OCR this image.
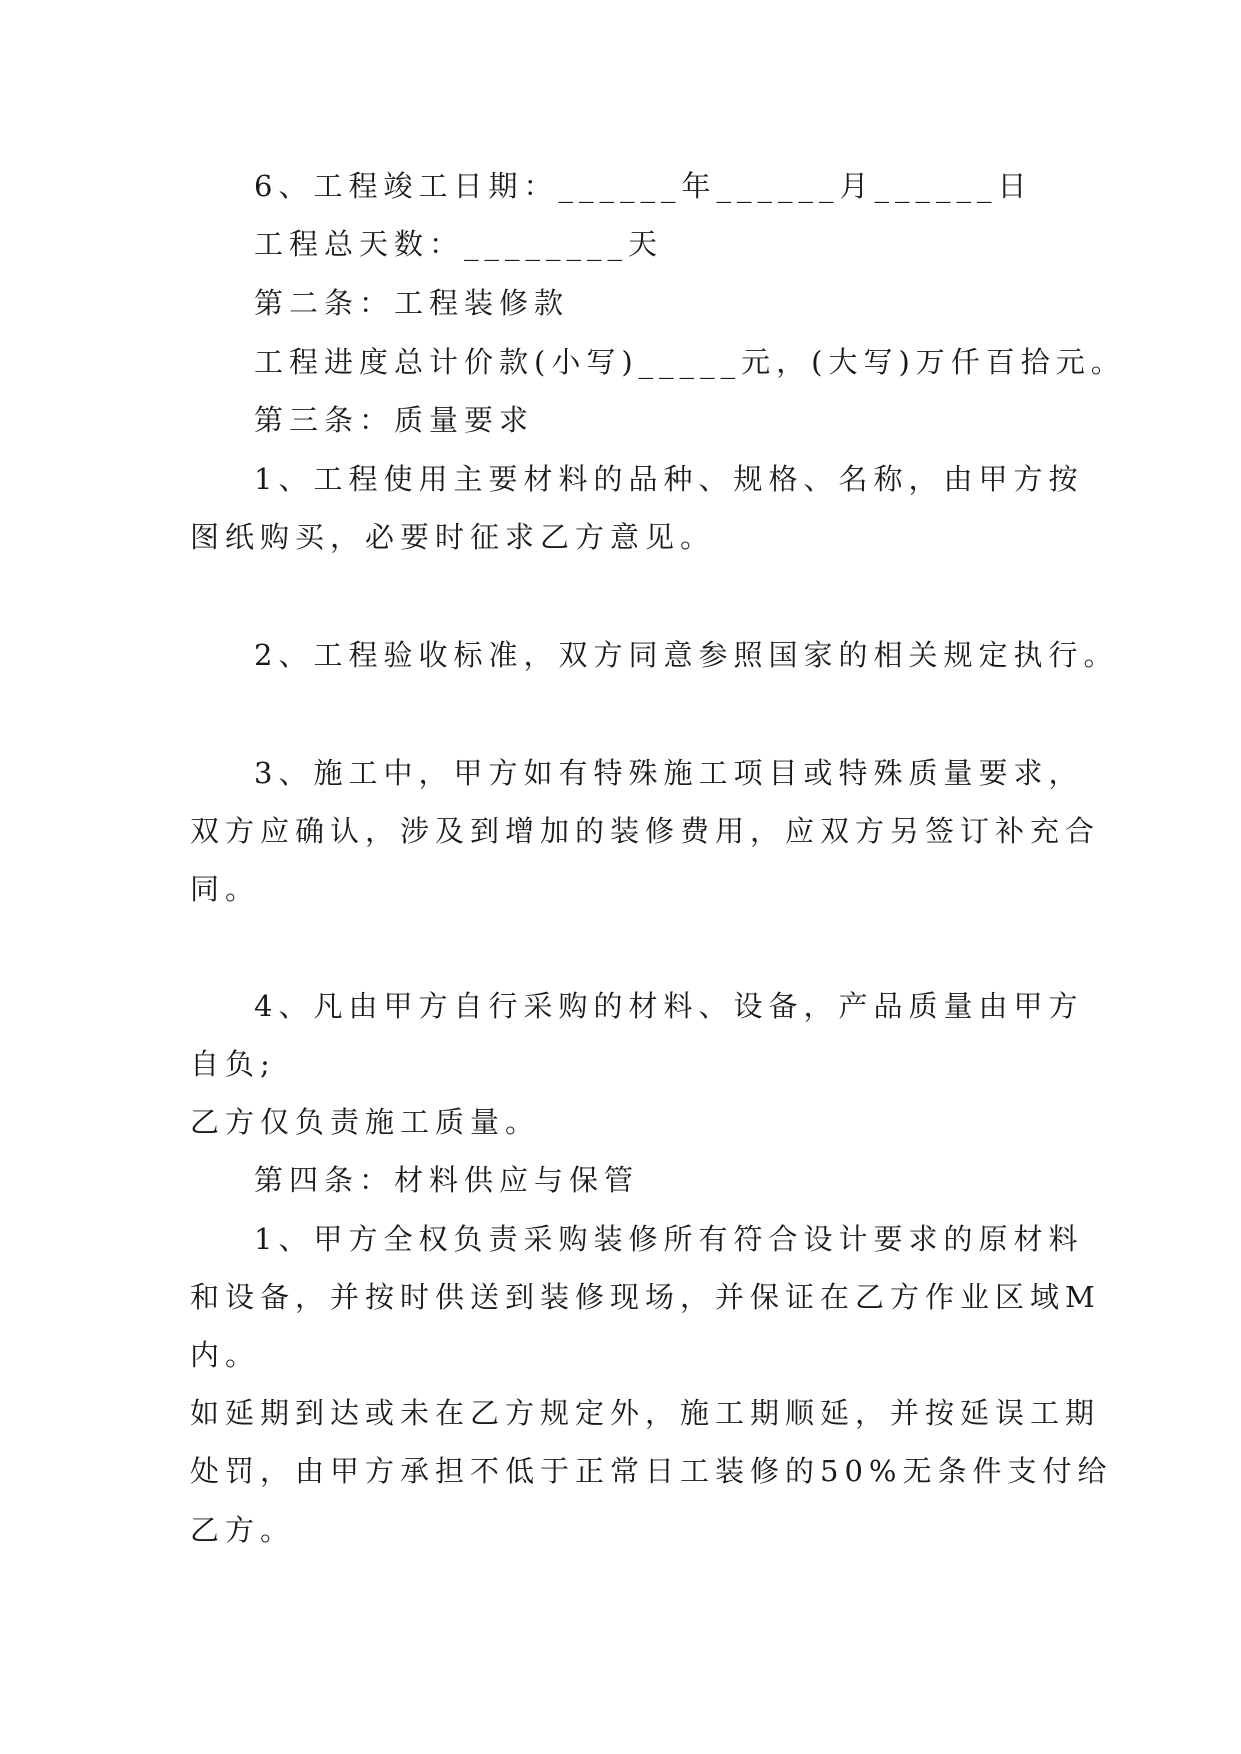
6、工程竣工日期：______年______月______日

工程总天数：________天

第二条：工程装修款

工程进度总计价款(小写)_____元，(大写)万仟百拾元。

第三条：质量要求

1、工程使用主要材料的品种、规格、名称，由甲方按

图纸购买，必要时征求乙方意见。

2、工程验收标准，双方同意参照国家的相关规定执行。

3、施工中，甲方如有特殊施工项目或特殊质量要求，

双方应确认，涉及到增加的装修费用，应双方另签订补充合

同。

4、凡由甲方自行采购的材料、设备，产品质量由甲方

自负;

乙方仅负责施工质量。

第四条：材料供应与保管

1、甲方全权负责采购装修所有符合设计要求的原材料

和设备，并按时供送到装修现场，并保证在乙方作业区域M

内。

如延期到达或未在乙方规定外，施工期顺延，并按延误工期

处罚，由甲方承担不低于正常日工装修的50%无条件支付给

乙方。
